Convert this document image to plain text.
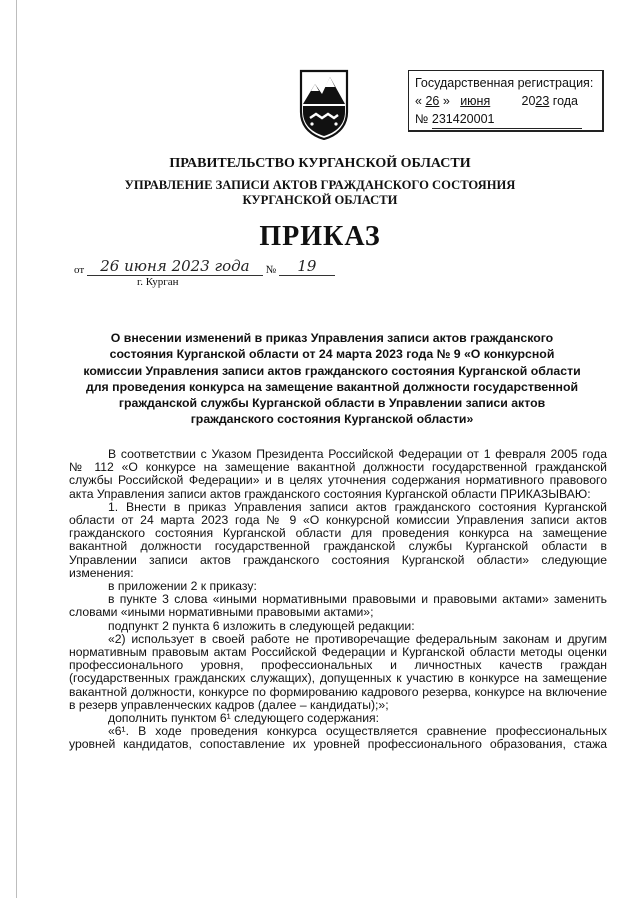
Государственная регистрация:
« 26 » июня	2023 года
№ 231420001
ПРАВИТЕЛЬСТВО КУРГАНСКОЙ ОБЛАСТИ
УПРАВЛЕНИЕ ЗАПИСИ АКТОВ ГРАЖДАНСКОГО СОСТОЯНИЯ
КУРГАНСКОЙ ОБЛАСТИ
ПРИКАЗ
от 26 июня 2023 года № 19
г. Курган
О внесении изменений в приказ Управления записи актов гражданского состояния Курганской области от 24 марта 2023 года № 9 «О конкурсной комиссии Управления записи актов гражданского состояния Курганской области для проведения конкурса на замещение вакантной должности государственной гражданской службы Курганской области в Управлении записи актов гражданского состояния Курганской области»

В соответствии с Указом Президента Российской Федерации от 1 февраля 2005 года № 112 «О конкурсе на замещение вакантной должности государственной гражданской службы Российской Федерации» и в целях уточнения содержания нормативного правового акта Управления записи актов гражданского состояния Курганской области ПРИКАЗЫВАЮ:

1. Внести в приказ Управления записи актов гражданского состояния Курганской области от 24 марта 2023 года № 9 «О конкурсной комиссии Управления записи актов гражданского состояния Курганской области для проведения конкурса на замещение вакантной должности государственной гражданской службы Курганской области в Управлении записи актов гражданского состояния Курганской области» следующие изменения:

в приложении 2 к приказу:

в пункте 3 слова «иными нормативными правовыми и правовыми актами» заменить словами «иными нормативными правовыми актами»;

подпункт 2 пункта 6 изложить в следующей редакции:

«2) использует в своей работе не противоречащие федеральным законам и другим нормативным правовым актам Российской Федерации и Курганской области методы оценки профессионального уровня, профессиональных и личностных качеств граждан (государственных гражданских служащих), допущенных к участию в конкурсе на замещение вакантной должности, конкурсе по формированию кадрового резерва, конкурсе на включение в резерв управленческих кадров (далее – кандидаты);»;

дополнить пунктом 6¹ следующего содержания:

«6¹. В ходе проведения конкурса осуществляется сравнение профессиональных уровней кандидатов, сопоставление их уровней профессионального образования, стажа
